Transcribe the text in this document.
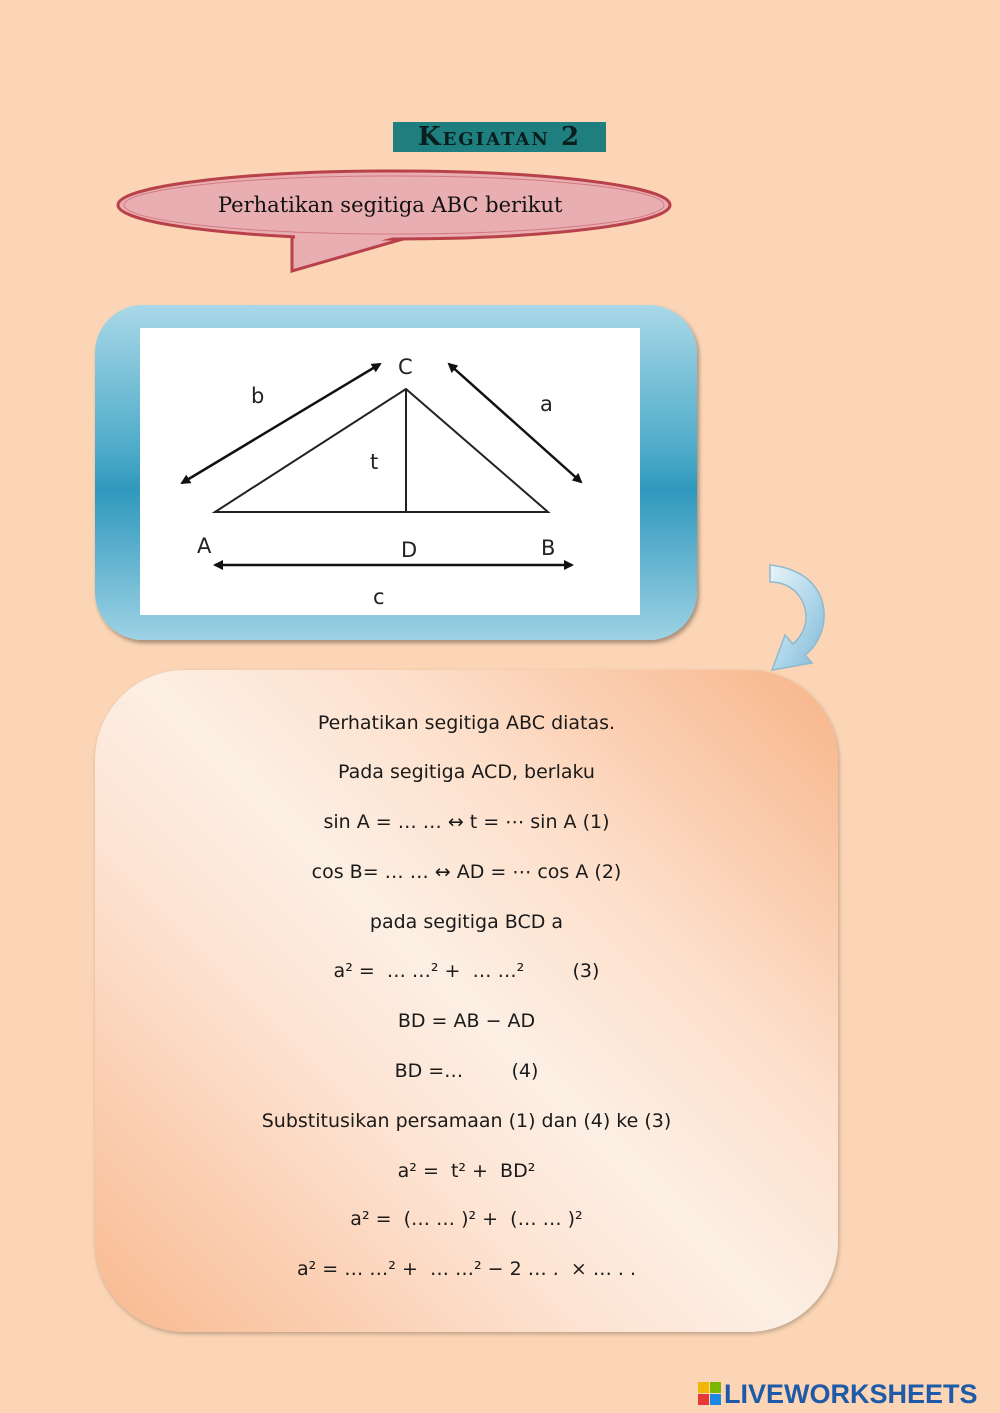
Kegiatan 2
Perhatikan segitiga ABC berikut
C
A	B
D
b	a
c
t
Perhatikan segitiga ABC diatas.
Pada segitiga ACD, berlaku
sin A = … … ↔ t = ⋯ sin A (1)
cos B= … … ↔ AD = ⋯ cos A (2)
pada segitiga BCD a
a² =  … …² +  … …²        (3)
BD = AB − AD
BD =…        (4)
Substitusikan persamaan (1) dan (4) ke (3)
a² =  t² +  BD²
a² =  (… … )² +  (… … )²
a² = … …² +  … …² − 2 … .  × … . .
LIVEWORKSHEETS
